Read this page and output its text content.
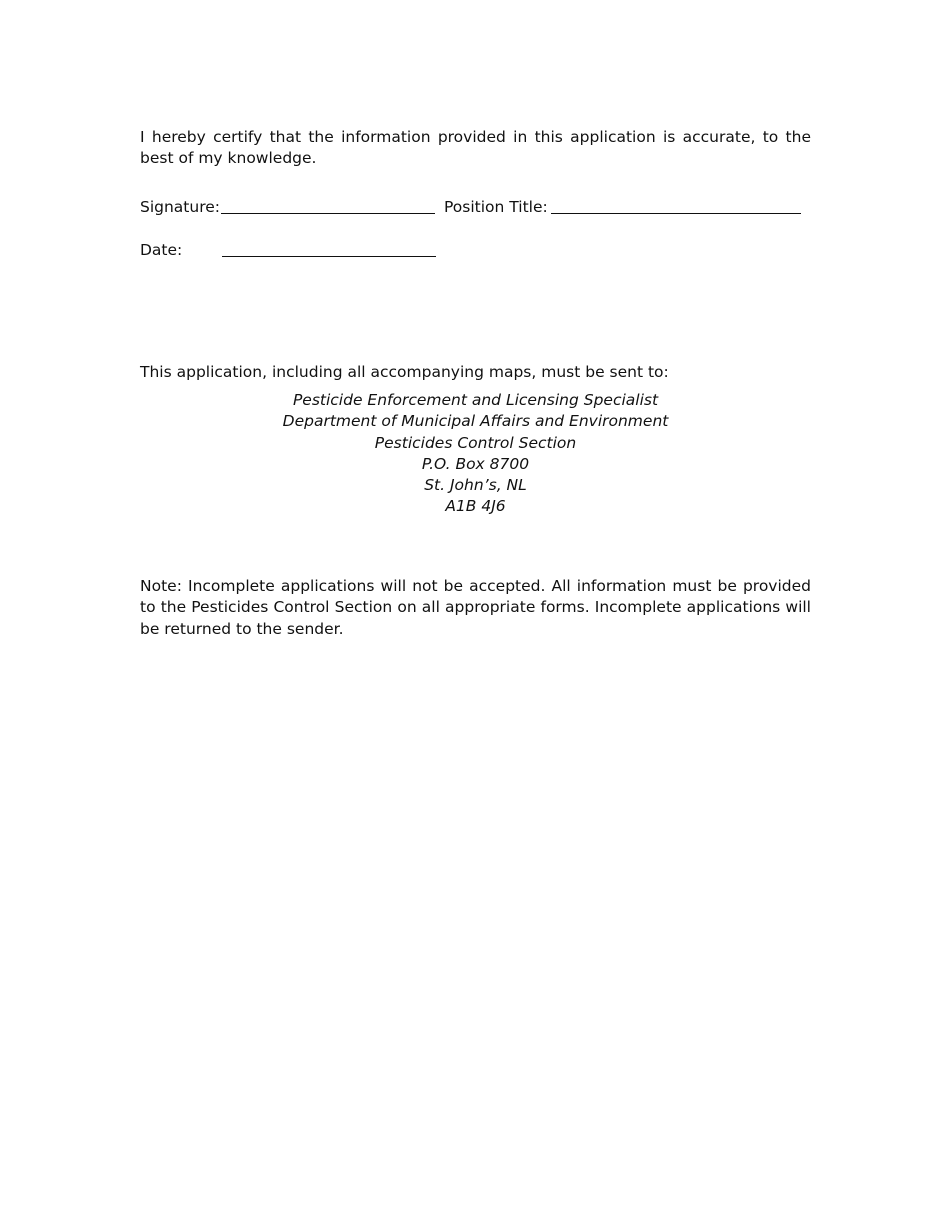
I hereby certify that the information provided in this application is accurate, to the best of my knowledge.

Signature:	Position Title:
Date:

This application, including all accompanying maps, must be sent to:

Pesticide Enforcement and Licensing Specialist
Department of Municipal Affairs and Environment
Pesticides Control Section
P.O. Box 8700
St. John’s, NL
A1B 4J6

Note: Incomplete applications will not be accepted. All information must be provided to the Pesticides Control Section on all appropriate forms. Incomplete applications will be returned to the sender.
